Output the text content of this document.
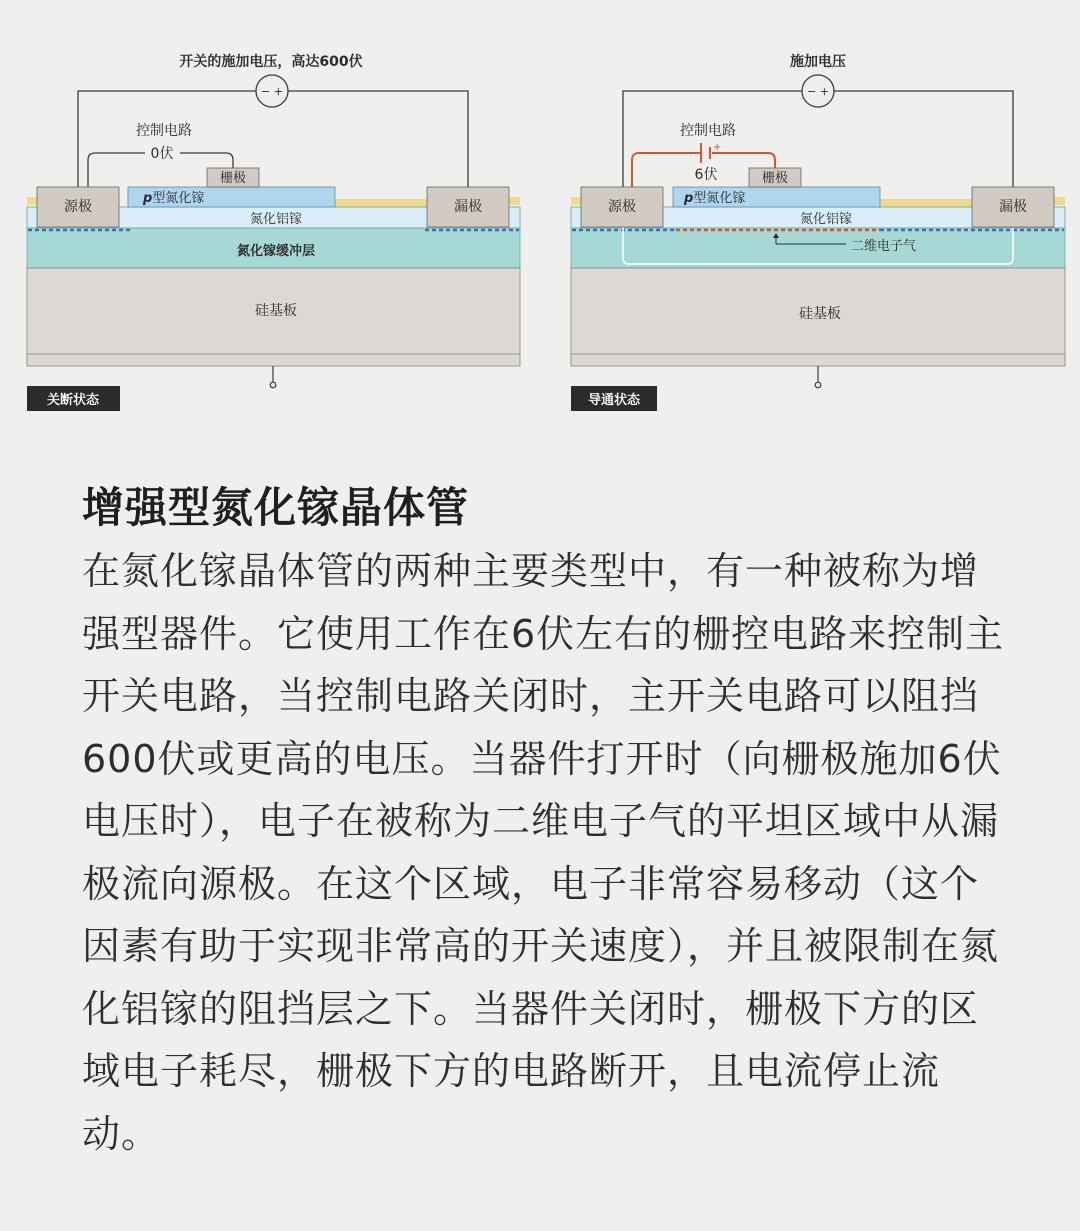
开关的施加电压，高达600伏
− +
控制电路
0伏
氮化铝镓
氮化镓缓冲层
硅基板
p型氮化镓
栅极
源极	漏极
关断状态
施加电压
− +
控制电路
+
6伏
氮化铝镓
二维电子气
硅基板
p型氮化镓
栅极
源极	漏极
导通状态
增强型氮化镓晶体管

在氮化镓晶体管的两种主要类型中，有一种被称为增强型器件。它使用工作在6伏左右的栅控电路来控制主开关电路，当控制电路关闭时，主开关电路可以阻挡600伏或更高的电压。当器件打开时（向栅极施加6伏电压时），电子在被称为二维电子气的平坦区域中从漏极流向源极。在这个区域，电子非常容易移动（这个因素有助于实现非常高的开关速度），并且被限制在氮化铝镓的阻挡层之下。当器件关闭时，栅极下方的区域电子耗尽，栅极下方的电路断开，且电流停止流动。
